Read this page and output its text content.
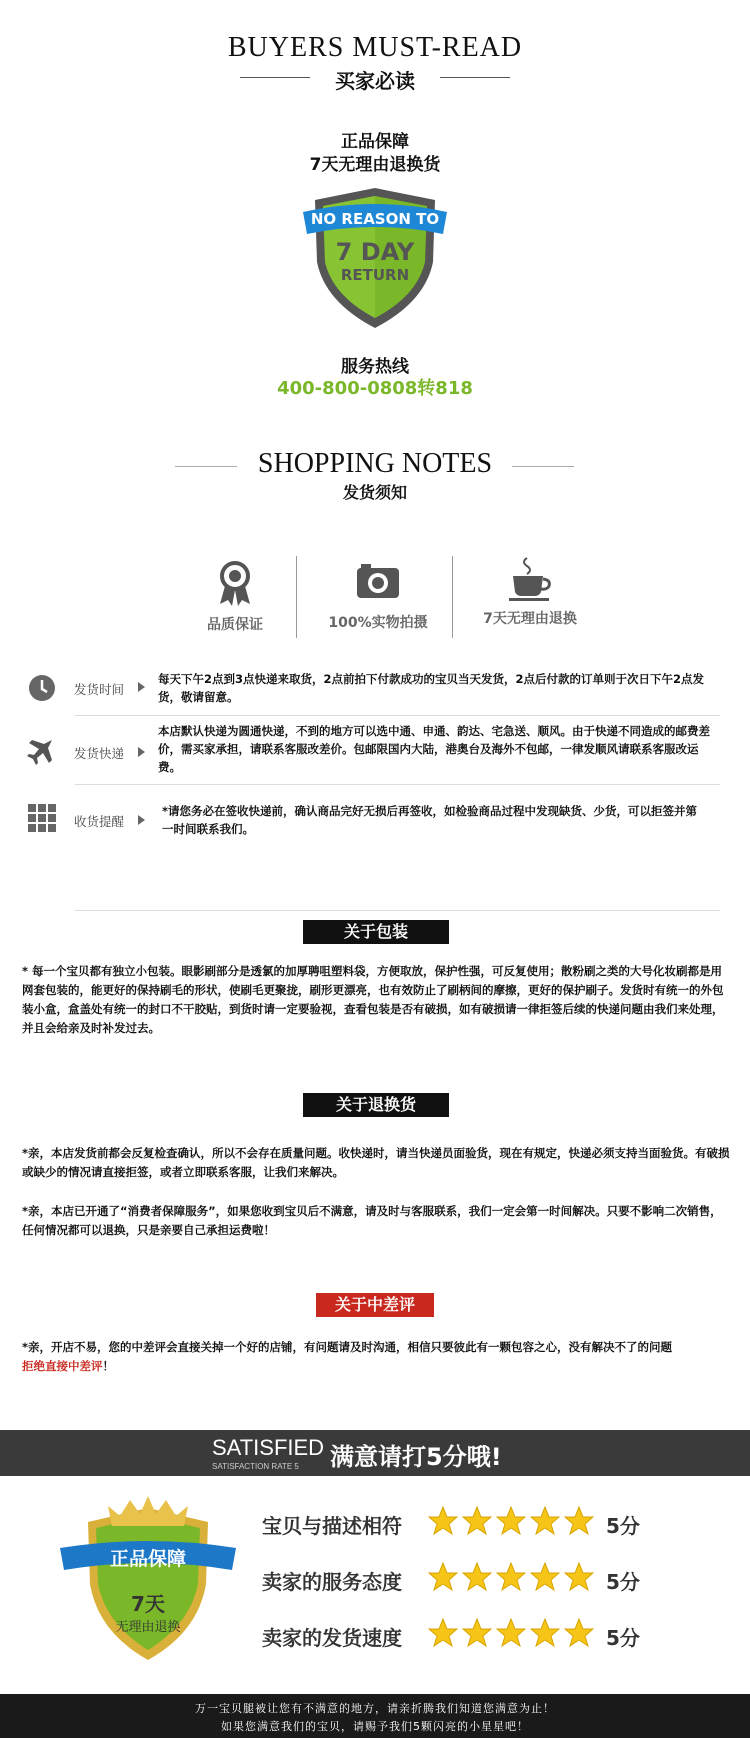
BUYERS MUST-READ
买家必读
正品保障
7天无理由退换货
NO REASON TO
7 DAY
RETURN
服务热线
400-800-0808转818
SHOPPING NOTES
发货须知
品质保证	100%实物拍摄	7天无理由退换
发货时间
每天下午2点到3点快递来取货，2点前拍下付款成功的宝贝当天发货，2点后付款的订单则于次日下午2点发货，敬请留意。
发货快递
本店默认快递为圆通快递，不到的地方可以选中通、申通、韵达、宅急送、顺风。由于快递不同造成的邮费差价，需买家承担，请联系客服改差价。包邮限国内大陆，港奥台及海外不包邮，一律发顺风请联系客服改运费。
收货提醒
*请您务必在签收快递前，确认商品完好无损后再签收，如检验商品过程中发现缺货、少货，可以拒签并第一时间联系我们。
关于包装
* 每一个宝贝都有独立小包装。眼影刷部分是透氯的加厚聘咀塑料袋，方便取放，保护性强，可反复使用；散粉刷之类的大号化妆刷都是用网套包装的，能更好的保持刷毛的形状，使刷毛更聚拢，刷形更漂亮，也有效防止了刷柄间的摩擦，更好的保护刷子。发货时有统一的外包装小盒，盒盖处有统一的封口不干胶贴，到货时请一定要验视，查看包装是否有破损，如有破损请一律拒签后续的快递问题由我们来处理，并且会给亲及时补发过去。
关于退换货
*亲，本店发货前都会反复检查确认，所以不会存在质量问题。收快递时，请当快递员面验货，现在有规定，快递必须支持当面验货。有破损或缺少的情况请直接拒签，或者立即联系客服，让我们来解决。
*亲，本店已开通了“消费者保障服务”，如果您收到宝贝后不满意，请及时与客服联系，我们一定会第一时间解决。只要不影响二次销售，任何情况都可以退换，只是亲要自己承担运费啦！
关于中差评
*亲，开店不易，您的中差评会直接关掉一个好的店铺，有问题请及时沟通，相信只要彼此有一颗包容之心，没有解决不了的问题
拒绝直接中差评！
SATISFIED
SATISFACTION RATE 5 满意请打5分哦!
正品保障
7天
无理由退换
宝贝与描述相符	5分
卖家的服务态度	5分
卖家的发货速度	5分
万一宝贝腿被让您有不满意的地方，请亲折腾我们知道您满意为止！
如果您满意我们的宝贝，请赐予我们5颗闪亮的小星星吧！
